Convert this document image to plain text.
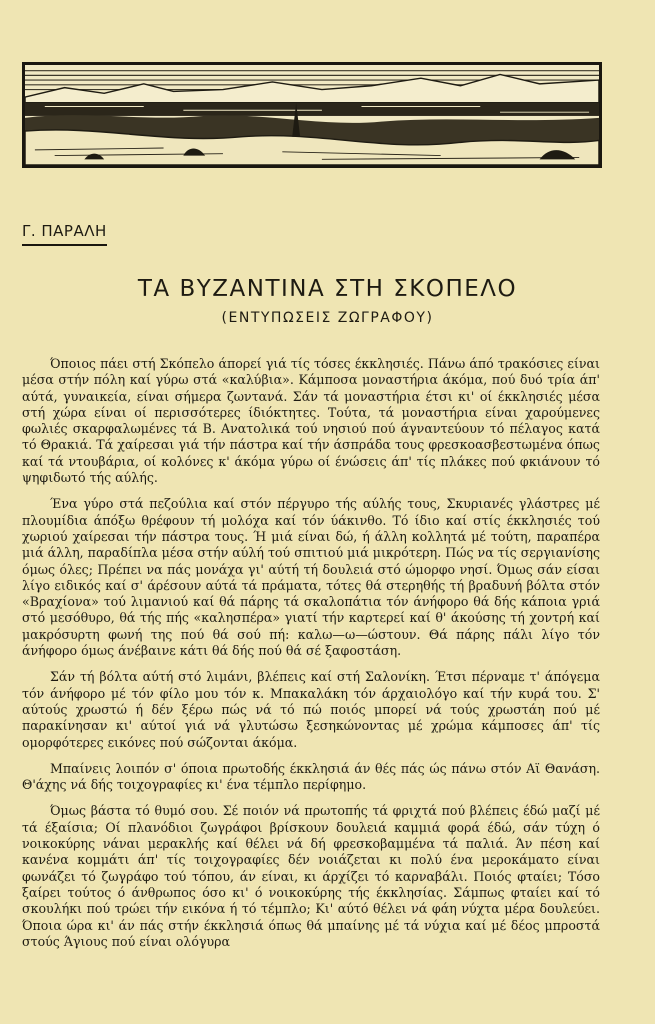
Γ. ΠΑΡΑΛΗ
ΤΑ ΒΥΖΑΝΤΙΝΑ ΣΤΗ ΣΚΟΠΕΛΟ
(ΕΝΤΥΠΩΣΕΙΣ ΖΩΓΡΑΦΟΥ)

Όποιος πάει στή Σκόπελο άπορεί γιά τίς τόσες έκκλησιές. Πάνω άπό τρακόσιες είναι μέσα στήν πόλη καί γύρω στά «καλύβια». Κάμποσα μοναστήρια άκόμα, πού δυό τρία άπ' αύτά, γυναικεία, είναι σήμερα ζωντανά. Σάν τά μοναστήρια έτσι κι' οί έκκλησιές μέσα στή χώρα είναι οί περισσότερες ίδιόκτητες. Τούτα, τά μοναστήρια είναι χαρούμενες φωλιές σκαρφαλωμένες τά Β. Ανατολικά τού νησιού πού άγναντεύουν τό πέλαγος κατά τό Θρακιά. Τά χαίρεσαι γιά τήν πάστρα καί τήν άσπράδα τους φρεσκοασβεστωμένα όπως καί τά ντουβάρια, οί κολόνες κ' άκόμα γύρω οί ένώσεις άπ' τίς πλάκες πού φκιάνουν τό ψηφιδωτό τής αύλής.

Ένα γύρο στά πεζούλια καί στόν πέργυρο τής αύλής τους, Σκυριανές γλάστρες μέ πλουμίδια άπόξω θρέφουν τή μολόχα καί τόν ύάκινθο. Τό ίδιο καί στίς έκκλησιές τού χωριού χαίρεσαι τήν πάστρα τους. Ή μιά είναι δώ, ή άλλη κολλητά μέ τούτη, παραπέρα μιά άλλη, παραδίπλα μέσα στήν αύλή τού σπιτιού μιά μικρότερη. Πώς να τίς σεργιανίσης όμως όλες; Πρέπει να πάς μονάχα γι' αύτή τή δουλειά στό ώμορφο νησί. Όμως σάν είσαι λίγο ειδικός καί σ' άρέσουν αύτά τά πράματα, τότες θά στερηθής τή βραδυνή βόλτα στόν «Βραχίονα» τού λιμανιού καί θά πάρης τά σκαλοπάτια τόν άνήφορο θά δής κάποια γριά στό μεσόθυρο, θά τής πής «καλησπέρα» γιατί τήν καρτερεί καί θ' άκούσης τή χοντρή καί μακρόσυρτη φωνή της πού θά σού πή: καλω—ω—ώστουν. Θά πάρης πάλι λίγο τόν άνήφορο όμως άνέβαινε κάτι θά δής πού θά σέ ξαφοστάση.

Σάν τή βόλτα αύτή στό λιμάνι, βλέπεις καί στή Σαλονίκη. Έτσι πέρναμε τ' άπόγεμα τόν άνήφορο μέ τόν φίλο μου τόν κ. Μπακαλάκη τόν άρχαιολόγο καί τήν κυρά του. Σ' αύτούς χρωστώ ή δέν ξέρω πώς νά τό πώ ποιός μπορεί νά τούς χρωστάη πού μέ παρακίνησαν κι' αύτοί γιά νά γλυτώσω ξεσηκώνοντας μέ χρώμα κάμποσες άπ' τίς ομορφότερες εικόνες πού σώζονται άκόμα.

Μπαίνεις λοιπόν σ' όποια πρωτοδής έκκλησιά άν θές πάς ώς πάνω στόν Αϊ Θανάση. Θ'άχης νά δής τοιχογραφίες κι' ένα τέμπλο περίφημο.

Όμως βάστα τό θυμό σου. Σέ ποιόν νά πρωτοπής τά φριχτά πού βλέπεις έδώ μαζί μέ τά έξαίσια; Οί πλανόδιοι ζωγράφοι βρίσκουν δουλειά καμμιά φορά έδώ, σάν τύχη ό νοικοκύρης νάναι μερακλής καί θέλει νά δή φρεσκοβαμμένα τά παλιά. Άν πέση καί κανένα κομμάτι άπ' τίς τοιχογραφίες δέν νοιάζεται κι πολύ ένα μεροκάματο είναι φωνάζει τό ζωγράφο τού τόπου, άν είναι, κι άρχίζει τό καρναβάλι. Ποιός φταίει; Τόσο ξαίρει τούτος ό άνθρωπος όσο κι' ό νοικοκύρης τής έκκλησίας. Σάμπως φταίει καί τό σκουλήκι πού τρώει τήν εικόνα ή τό τέμπλο; Κι' αύτό θέλει νά φάη νύχτα μέρα δουλεύει. Όποια ώρα κι' άν πάς στήν έκκλησιά όπως θά μπαίνης μέ τά νύχια καί μέ δέος μπροστά στούς Άγιους πού είναι ολόγυρα
